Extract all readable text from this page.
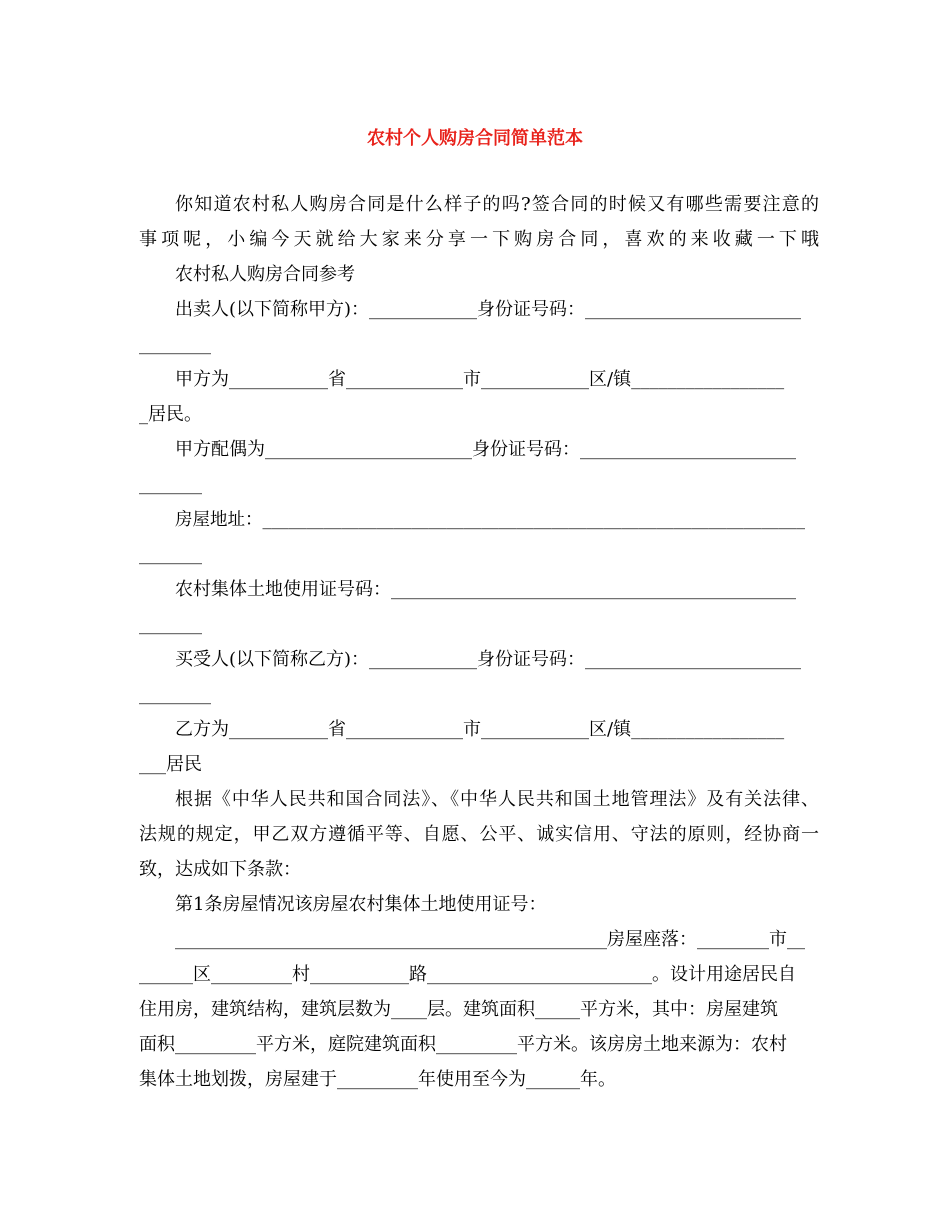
农村个人购房合同简单范本
你知道农村私人购房合同是什么样子的吗?签合同的时候又有哪些需要注意的
事项呢，小编今天就给大家来分享一下购房合同，喜欢的来收藏一下哦
农村私人购房合同参考
出卖人(以下简称甲方)：____________身份证号码：________________________
________
甲方为___________省_____________市____________区/镇_________________
_居民。
甲方配偶为_______________________身份证号码：________________________
_______
房屋地址：______________________________________________________________
_______
农村集体土地使用证号码：_____________________________________________
_______
买受人(以下简称乙方)：____________身份证号码：________________________
________
乙方为___________省_____________市____________区/镇_________________
___居民
根据《中华人民共和国合同法》、《中华人民共和国土地管理法》及有关法律、
法规的规定，甲乙双方遵循平等、自愿、公平、诚实信用、守法的原则，经协商一
致，达成如下条款：
第1条房屋情况该房屋农村集体土地使用证号：
________________________________________________房屋座落：________市__
______区_________村___________路_________________________。设计用途居民自
住用房，建筑结构，建筑层数为____层。建筑面积_____平方米，其中：房屋建筑
面积_________平方米，庭院建筑面积_________平方米。该房房土地来源为：农村
集体土地划拨，房屋建于_________年使用至今为______年。
